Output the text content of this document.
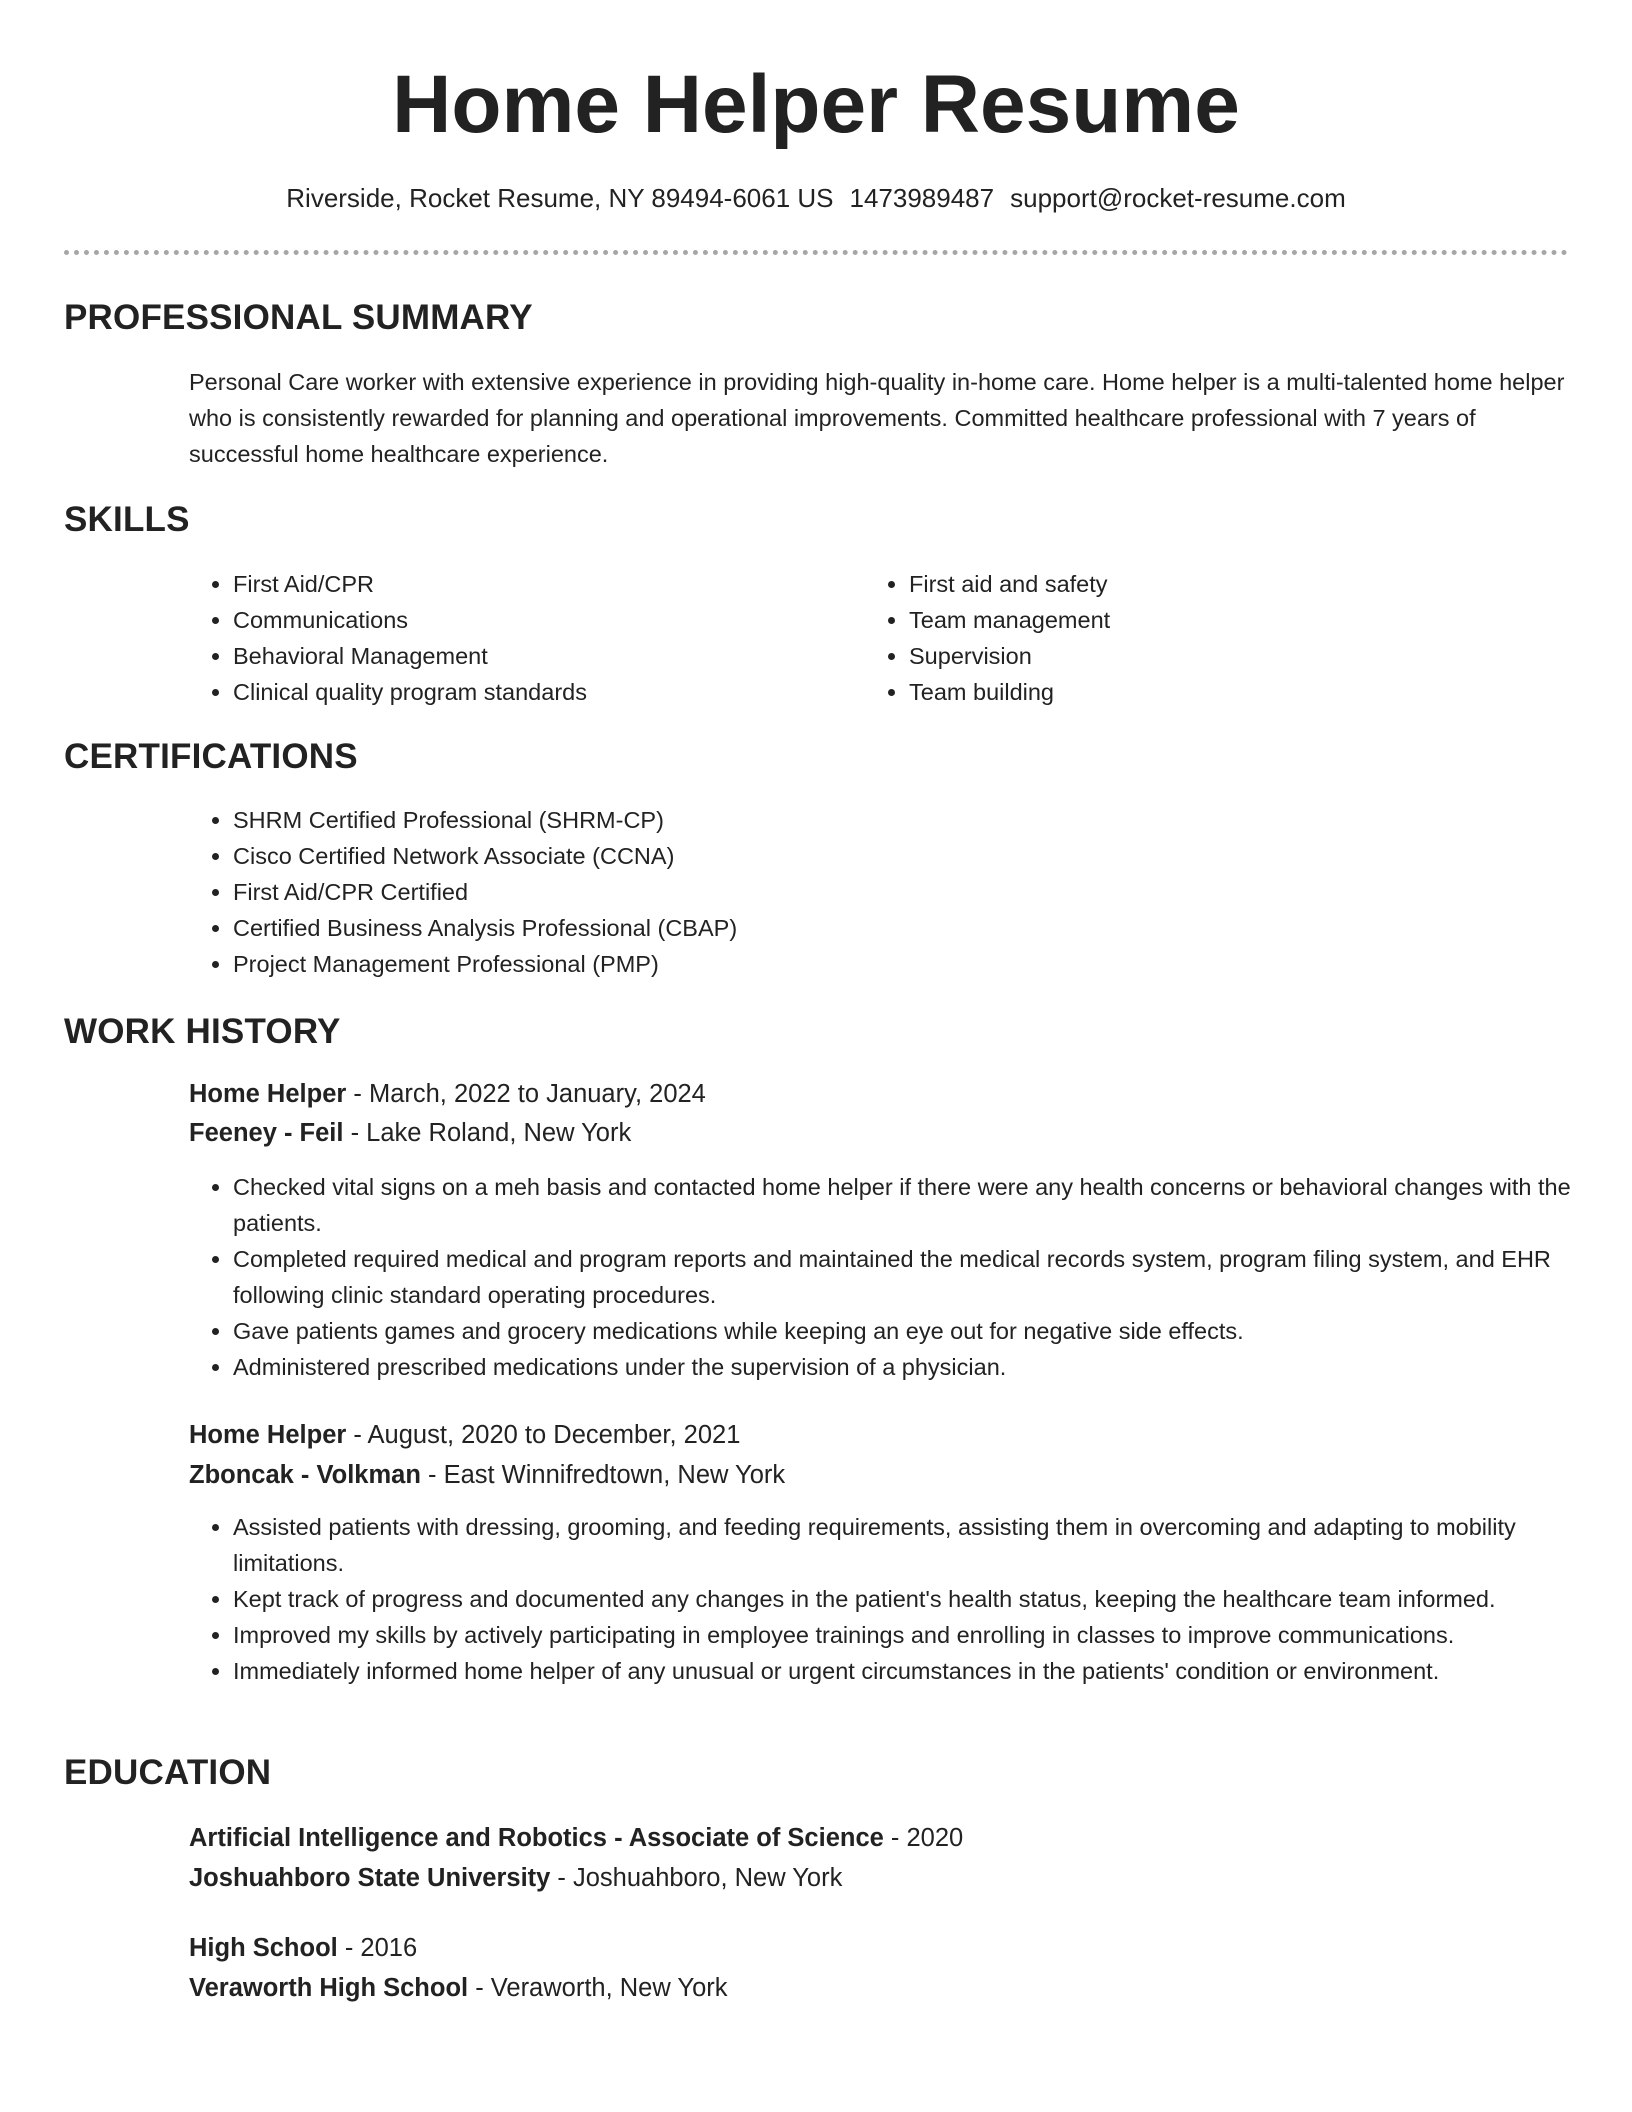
Home Helper Resume
Riverside, Rocket Resume, NY 89494-6061 US 1473989487 support@rocket-resume.com
PROFESSIONAL SUMMARY
Personal Care worker with extensive experience in providing high-quality in-home care. Home helper is a multi-talented home helper who is consistently rewarded for planning and operational improvements. Committed healthcare professional with 7 years of successful home healthcare experience.
SKILLS
• First Aid/CPR
• Communications
• Behavioral Management
• Clinical quality program standards
• First aid and safety
• Team management
• Supervision
• Team building
CERTIFICATIONS
• SHRM Certified Professional (SHRM-CP)
• Cisco Certified Network Associate (CCNA)
• First Aid/CPR Certified
• Certified Business Analysis Professional (CBAP)
• Project Management Professional (PMP)
WORK HISTORY
Home Helper - March, 2022 to January, 2024
Feeney - Feil - Lake Roland, New York
• Checked vital signs on a meh basis and contacted home helper if there were any health concerns or behavioral changes with the patients.
• Completed required medical and program reports and maintained the medical records system, program filing system, and EHR following clinic standard operating procedures.
• Gave patients games and grocery medications while keeping an eye out for negative side effects.
• Administered prescribed medications under the supervision of a physician.
Home Helper - August, 2020 to December, 2021
Zboncak - Volkman - East Winnifredtown, New York
• Assisted patients with dressing, grooming, and feeding requirements, assisting them in overcoming and adapting to mobility limitations.
• Kept track of progress and documented any changes in the patient's health status, keeping the healthcare team informed.
• Improved my skills by actively participating in employee trainings and enrolling in classes to improve communications.
• Immediately informed home helper of any unusual or urgent circumstances in the patients' condition or environment.
EDUCATION
Artificial Intelligence and Robotics - Associate of Science - 2020
Joshuahboro State University - Joshuahboro, New York
High School - 2016
Veraworth High School - Veraworth, New York
